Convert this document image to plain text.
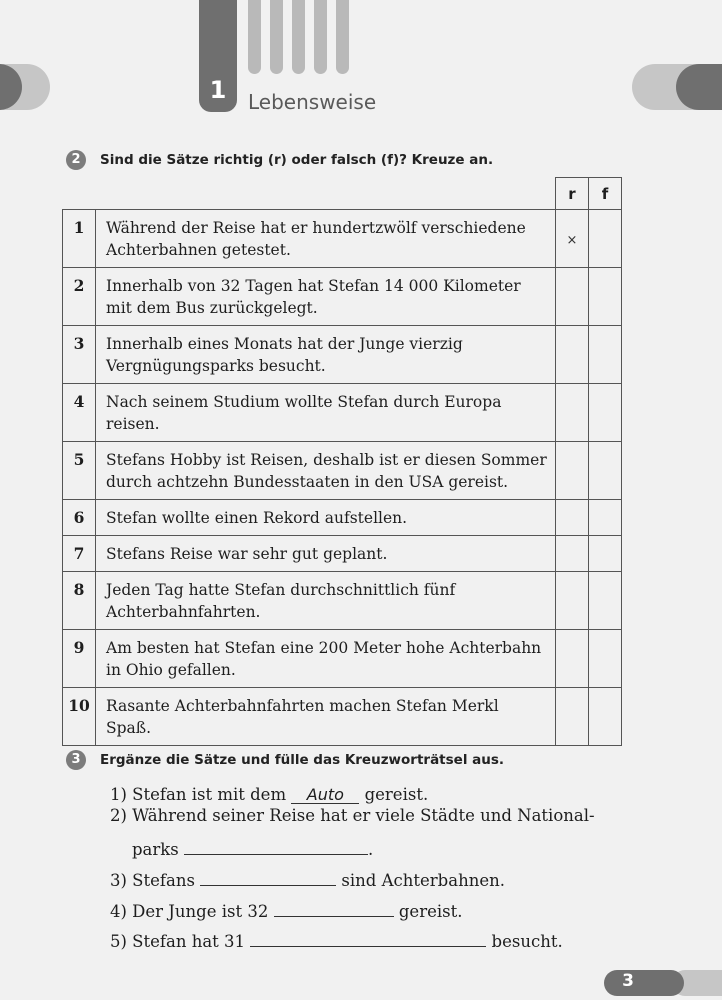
1	Lebensweise
2	Sind die Sätze richtig (r) oder falsch (f)? Kreuze an.
		r	f
1	Während der Reise hat er hundertzwölf verschiedene Achterbahnen getestet.	×	
2	Innerhalb von 32 Tagen hat Stefan 14 000 Kilometer mit dem Bus zurückgelegt.		
3	Innerhalb eines Monats hat der Junge vierzig Vergnügungsparks besucht.		
4	Nach seinem Studium wollte Stefan durch Europa reisen.		
5	Stefans Hobby ist Reisen, deshalb ist er diesen Sommer durch achtzehn Bundesstaaten in den USA gereist.		
6	Stefan wollte einen Rekord aufstellen.		
7	Stefans Reise war sehr gut geplant.		
8	Jeden Tag hatte Stefan durchschnittlich fünf Achterbahnfahrten.		
9	Am besten hat Stefan eine 200 Meter hohe Achterbahn in Ohio gefallen.		
10	Rasante Achterbahnfahrten machen Stefan Merkl Spaß.		
3	Ergänze die Sätze und fülle das Kreuzworträtsel aus.
1) Stefan ist mit dem Auto gereist.
2) Während seiner Reise hat er viele Städte und National-
parks	.
3) Stefans	sind Achterbahnen.
4) Der Junge ist 32	gereist.
5) Stefan hat 31	besucht.
3
